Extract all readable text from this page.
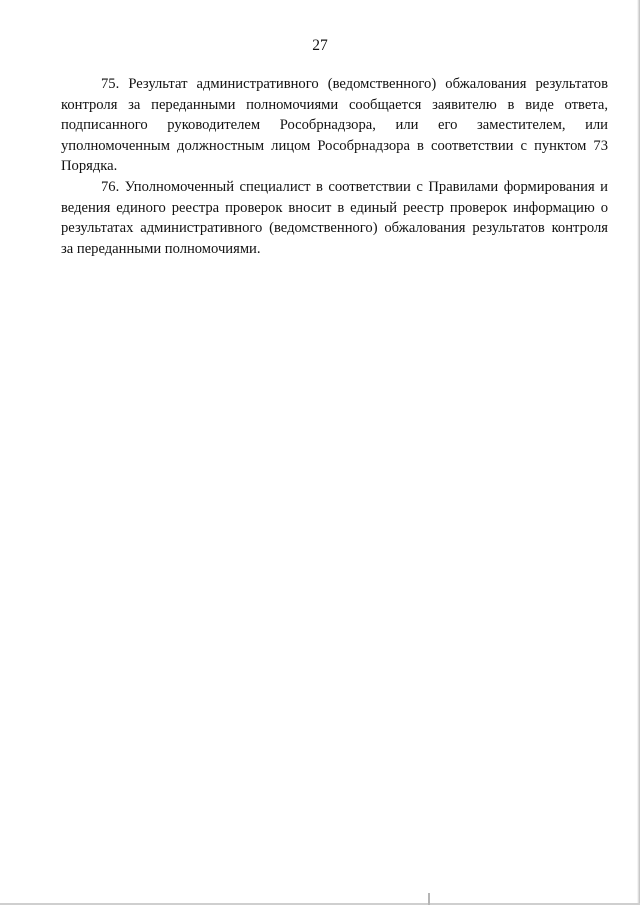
27

75. Результат административного (ведомственного) обжалования результатов контроля за переданными полномочиями сообщается заявителю в виде ответа, подписанного руководителем Рособрнадзора, или его заместителем, или уполномоченным должностным лицом Рособрнадзора в соответствии с пунктом 73 Порядка.

76. Уполномоченный специалист в соответствии с Правилами формирования и ведения единого реестра проверок вносит в единый реестр проверок информацию о результатах административного (ведомственного) обжалования результатов контроля за переданными полномочиями.
